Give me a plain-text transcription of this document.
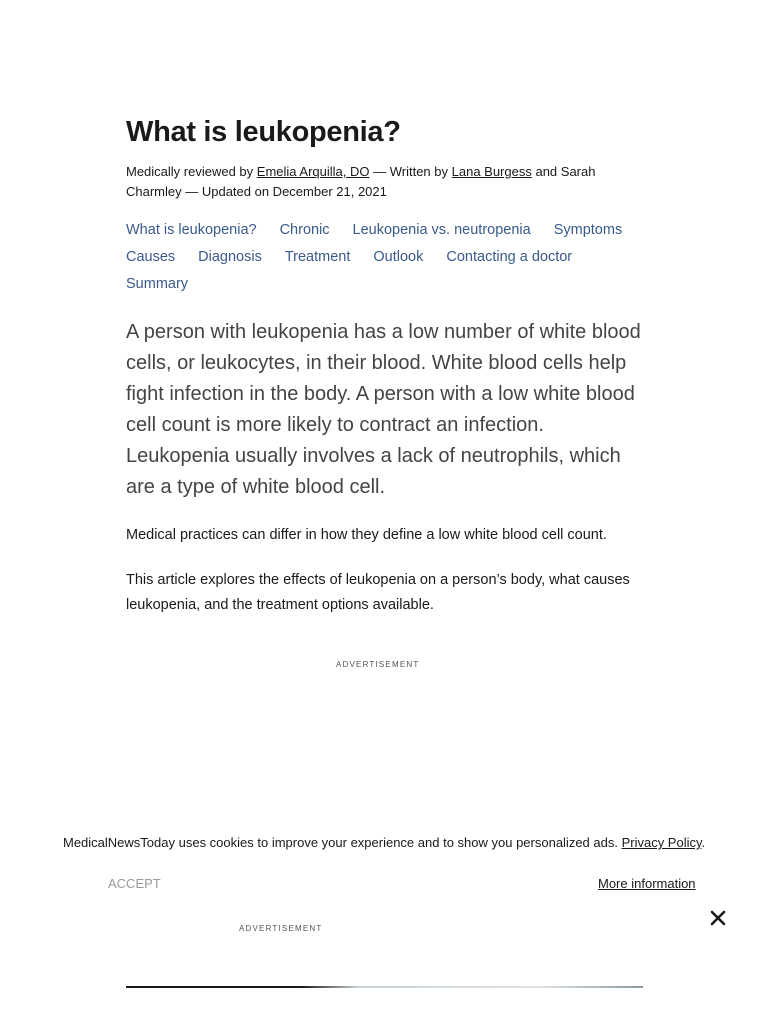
What is leukopenia?
Medically reviewed by Emelia Arquilla, DO — Written by Lana Burgess and Sarah Charmley — Updated on December 21, 2021
What is leukopenia? Chronic Leukopenia vs. neutropenia Symptoms
Causes Diagnosis Treatment Outlook Contacting a doctor
Summary

A person with leukopenia has a low number of white blood cells, or leukocytes, in their blood. White blood cells help fight infection in the body. A person with a low white blood cell count is more likely to contract an infection. Leukopenia usually involves a lack of neutrophils, which are a type of white blood cell.

Medical practices can differ in how they define a low white blood cell count.

This article explores the effects of leukopenia on a person’s body, what causes leukopenia, and the treatment options available.

ADVERTISEMENT
MedicalNewsToday uses cookies to improve your experience and to show you personalized ads. Privacy Policy.
ACCEPT	More information
ADVERTISEMENT
